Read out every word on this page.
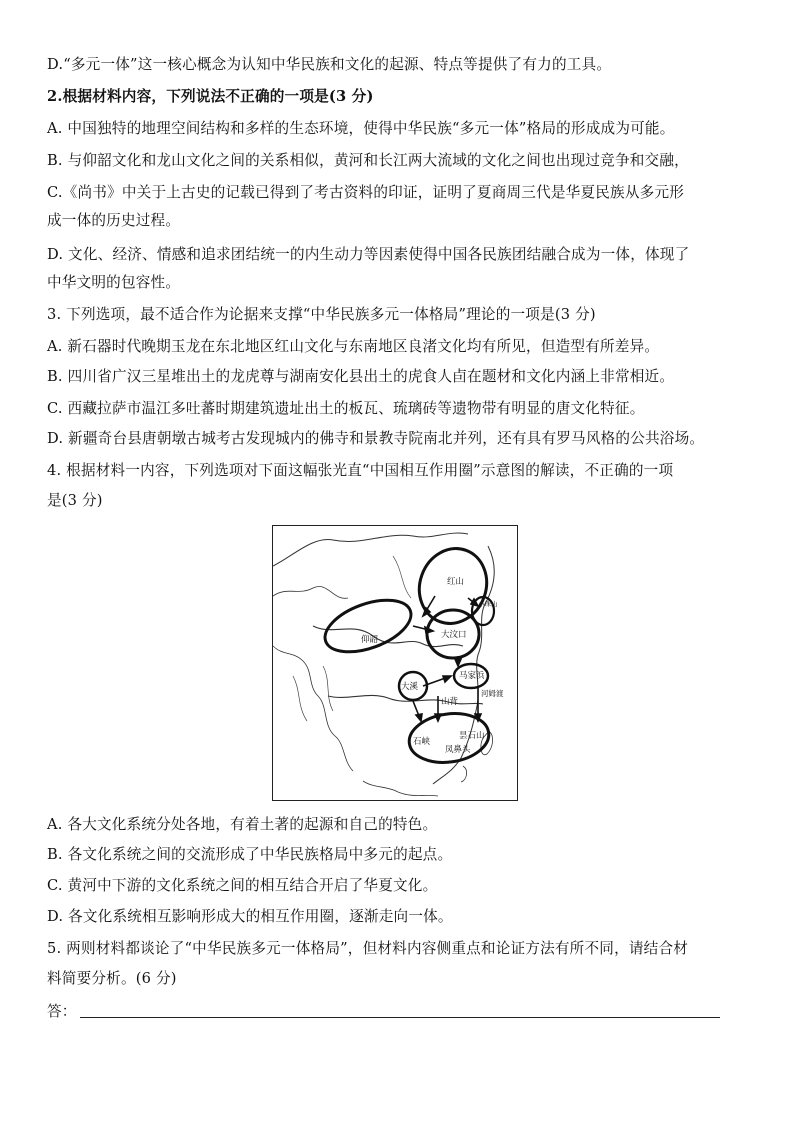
D.“多元一体”这一核心概念为认知中华民族和文化的起源、特点等提供了有力的工具。
2.根据材料内容，下列说法不正确的一项是(3 分)
A. 中国独特的地理空间结构和多样的生态环境，使得中华民族“多元一体”格局的形成成为可能。
B. 与仰韶文化和龙山文化之间的关系相似，黄河和长江两大流域的文化之间也出现过竞争和交融，
C.《尚书》中关于上古史的记载已得到了考古资料的印证，证明了夏商周三代是华夏民族从多元形
成一体的历史过程。
D. 文化、经济、情感和追求团结统一的内生动力等因素使得中国各民族团结融合成为一体，体现了
中华文明的包容性。
3. 下列选项，最不适合作为论据来支撑“中华民族多元一体格局”理论的一项是(3 分)
A. 新石器时代晚期玉龙在东北地区红山文化与东南地区良渚文化均有所见，但造型有所差异。
B. 四川省广汉三星堆出土的龙虎尊与湖南安化县出土的虎食人卣在题材和文化内涵上非常相近。
C. 西藏拉萨市温江多吐蕃时期建筑遗址出土的板瓦、琉璃砖等遗物带有明显的唐文化特征。
D. 新疆奇台县唐朝墩古城考古发现城内的佛寺和景教寺院南北并列，还有具有罗马风格的公共浴场。
4. 根据材料一内容，下列选项对下面这幅张光直“中国相互作用圈”示意图的解读，不正确的一项
是(3 分)
红山
小珠山
仰韶	大汶口
马家浜
大溪
河姆渡
山背
石峡
昙石山
凤鼻头
A. 各大文化系统分处各地，有着土著的起源和自己的特色。
B. 各文化系统之间的交流形成了中华民族格局中多元的起点。
C. 黄河中下游的文化系统之间的相互结合开启了华夏文化。
D. 各文化系统相互影响形成大的相互作用圈，逐渐走向一体。
5. 两则材料都谈论了“中华民族多元一体格局”，但材料内容侧重点和论证方法有所不同，请结合材
料简要分析。(6 分)
答：
